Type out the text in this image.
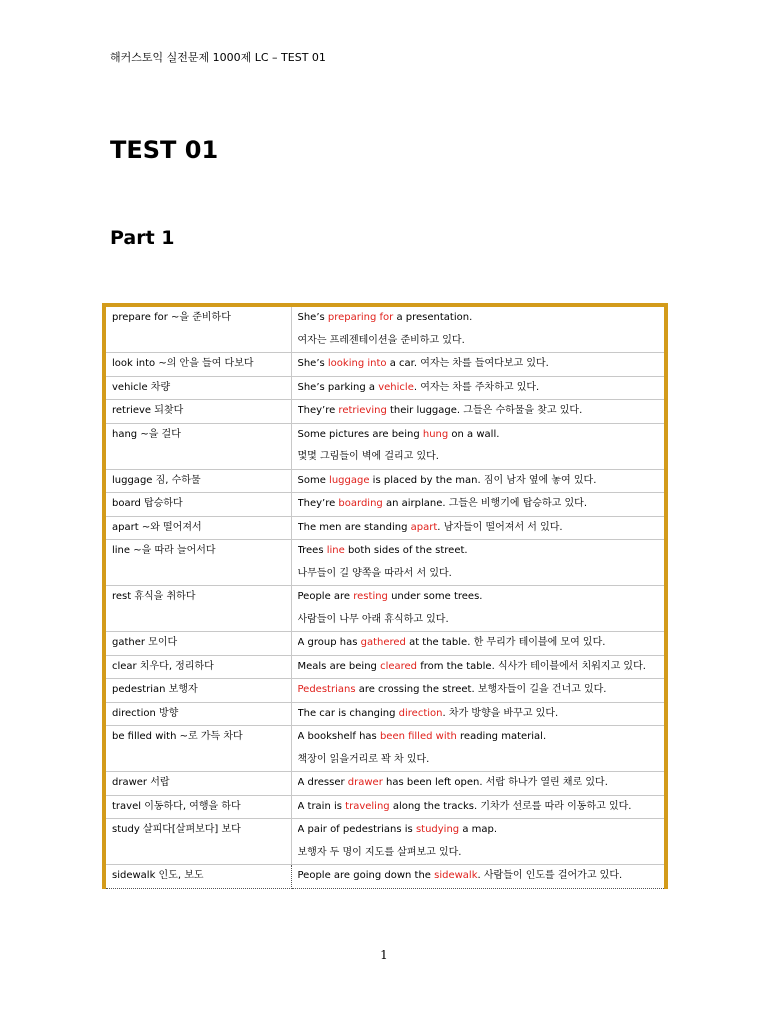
해커스토익 실전문제 1000제 LC – TEST 01
TEST 01
Part 1
prepare for ~을 준비하다	She’s preparing for a presentation.
여자는 프레젠테이션을 준비하고 있다.

look into ~의 안을 들여 다보다	She’s looking into a car. 여자는 차를 들여다보고 있다.

vehicle 차량	She’s parking a vehicle. 여자는 차를 주차하고 있다.

retrieve 되찾다	They’re retrieving their luggage. 그들은 수하물을 찾고 있다.

hang ~을 걸다	Some pictures are being hung on a wall.
몇몇 그림들이 벽에 걸리고 있다.

luggage 짐, 수하물	Some luggage is placed by the man. 짐이 남자 옆에 놓여 있다.

board 탑승하다	They’re boarding an airplane. 그들은 비행기에 탑승하고 있다.

apart ~와 떨어져서	The men are standing apart. 남자들이 떨어져서 서 있다.

line ~을 따라 늘어서다	Trees line both sides of the street.
나무들이 길 양쪽을 따라서 서 있다.

rest 휴식을 취하다	People are resting under some trees.
사람들이 나무 아래 휴식하고 있다.

gather 모이다	A group has gathered at the table. 한 무리가 테이블에 모여 있다.

clear 치우다, 정리하다	Meals are being cleared from the table. 식사가 테이블에서 치워지고 있다.

pedestrian 보행자	Pedestrians are crossing the street. 보행자들이 길을 건너고 있다.

direction 방향	The car is changing direction. 차가 방향을 바꾸고 있다.

be filled with ~로 가득 차다	A bookshelf has been filled with reading material.
책장이 읽을거리로 꽉 차 있다.

drawer 서랍	A dresser drawer has been left open. 서랍 하나가 열린 채로 있다.

travel 이동하다, 여행을 하다	A train is traveling along the tracks. 기차가 선로를 따라 이동하고 있다.

study 살피다[살펴보다] 보다	A pair of pedestrians is studying a map.
보행자 두 명이 지도를 살펴보고 있다.

sidewalk 인도, 보도	People are going down the sidewalk. 사람들이 인도를 걸어가고 있다.
1
